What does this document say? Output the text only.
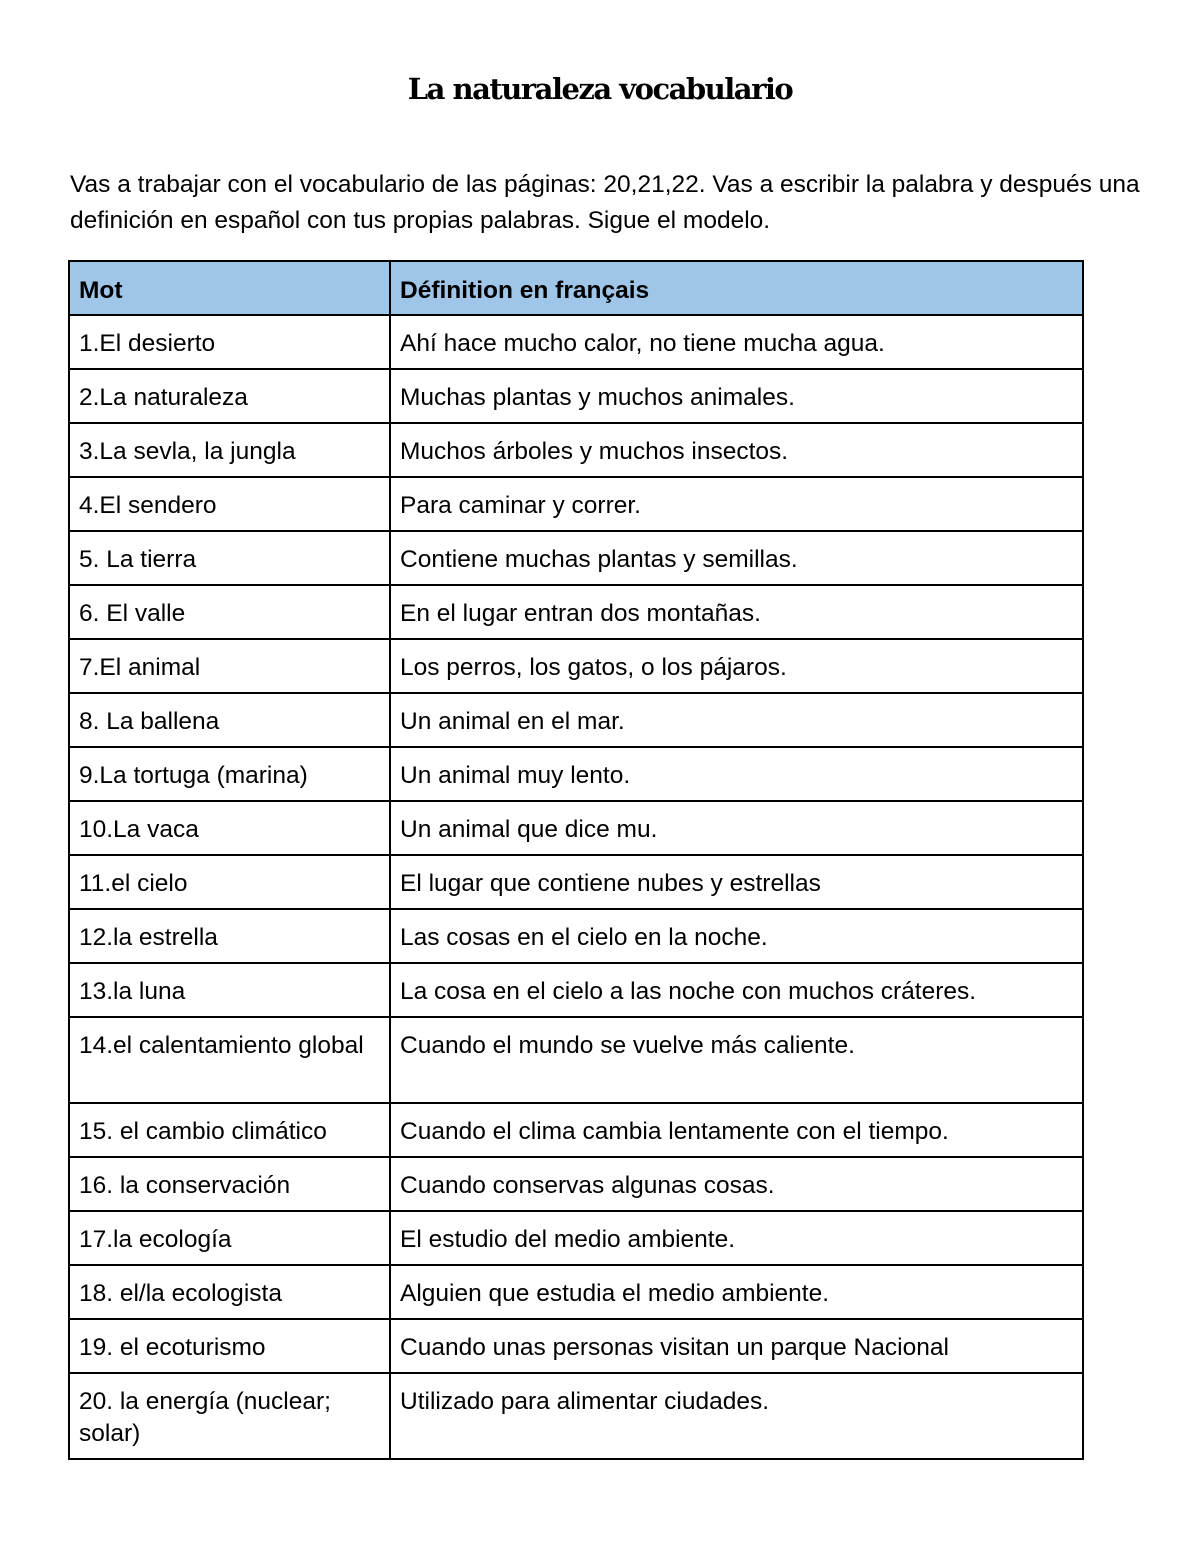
La naturaleza vocabulario

Vas a trabajar con el vocabulario de las páginas: 20,21,22. Vas a escribir la palabra y después una definición en español con tus propias palabras. Sigue el modelo.

Mot	Définition en français
1.El desierto	Ahí hace mucho calor, no tiene mucha agua.
2.La naturaleza	Muchas plantas y muchos animales.
3.La sevla, la jungla	Muchos árboles y muchos insectos.
4.El sendero	Para caminar y correr.
5. La tierra	Contiene muchas plantas y semillas.
6. El valle	En el lugar entran dos montañas.
7.El animal	Los perros, los gatos, o los pájaros.
8. La ballena	Un animal en el mar.
9.La tortuga (marina)	Un animal muy lento.
10.La vaca	Un animal que dice mu.
11.el cielo	El lugar que contiene nubes y estrellas
12.la estrella	Las cosas en el cielo en la noche.
13.la luna	La cosa en el cielo a las noche con muchos cráteres.
14.el calentamiento global	Cuando el mundo se vuelve más caliente.
15. el cambio climático	Cuando el clima cambia lentamente con el tiempo.
16. la conservación	Cuando conservas algunas cosas.
17.la ecología	El estudio del medio ambiente.
18. el/la ecologista	Alguien que estudia el medio ambiente.
19. el ecoturismo	Cuando unas personas visitan un parque Nacional
20. la energía (nuclear; solar)	Utilizado para alimentar ciudades.
